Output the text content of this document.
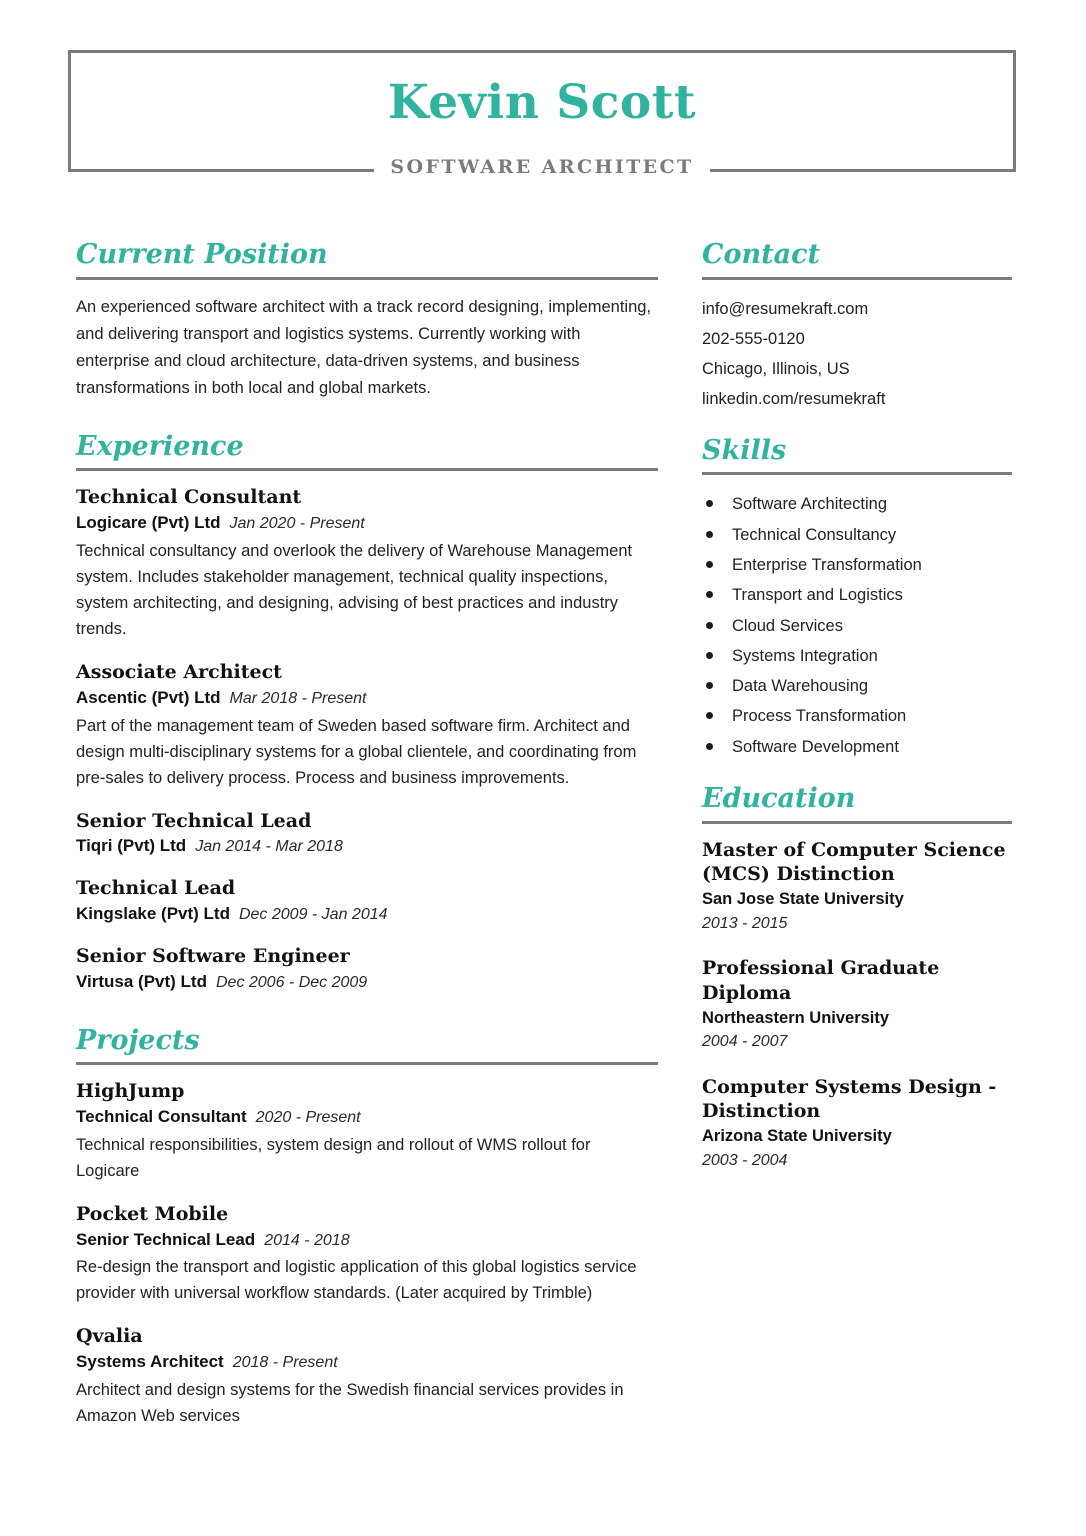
Kevin Scott
SOFTWARE ARCHITECT
Current Position

An experienced software architect with a track record designing, implementing, and delivering transport and logistics systems. Currently working with enterprise and cloud architecture, data-driven systems, and business transformations in both local and global markets.

Experience
Technical Consultant
Logicare (Pvt) Ltd Jan 2020 - Present

Technical consultancy and overlook the delivery of Warehouse Management system. Includes stakeholder management, technical quality inspections, system architecting, and designing, advising of best practices and industry trends.

Associate Architect
Ascentic (Pvt) Ltd Mar 2018 - Present

Part of the management team of Sweden based software firm. Architect and design multi-disciplinary systems for a global clientele, and coordinating from pre-sales to delivery process. Process and business improvements.

Senior Technical Lead
Tiqri (Pvt) Ltd Jan 2014 - Mar 2018
Technical Lead
Kingslake (Pvt) Ltd Dec 2009 - Jan 2014
Senior Software Engineer
Virtusa (Pvt) Ltd Dec 2006 - Dec 2009
Projects
HighJump
Technical Consultant 2020 - Present

Technical responsibilities, system design and rollout of WMS rollout for Logicare

Pocket Mobile
Senior Technical Lead 2014 - 2018

Re-design the transport and logistic application of this global logistics service provider with universal workflow standards. (Later acquired by Trimble)

Qvalia
Systems Architect 2018 - Present

Architect and design systems for the Swedish financial services provides in Amazon Web services

Contact
info@resumekraft.com
202-555-0120
Chicago, Illinois, US
linkedin.com/resumekraft
Skills
Software Architecting
Technical Consultancy
Enterprise Transformation
Transport and Logistics
Cloud Services
Systems Integration
Data Warehousing
Process Transformation
Software Development
Education
Master of Computer Science (MCS) Distinction
San Jose State University
2013 - 2015
Professional Graduate Diploma
Northeastern University
2004 - 2007
Computer Systems Design - Distinction
Arizona State University
2003 - 2004
